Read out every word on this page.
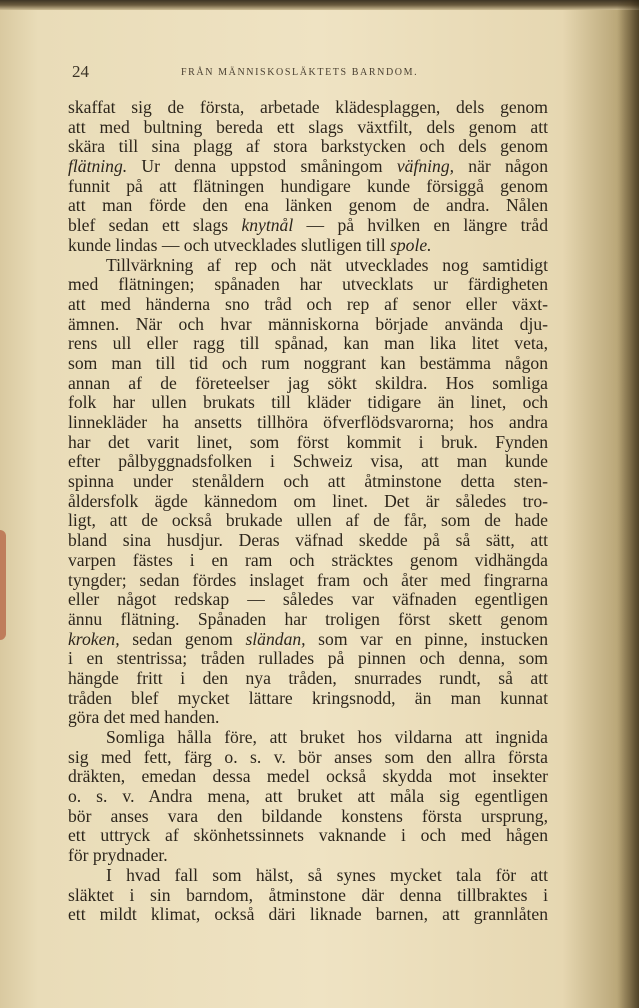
24	FRÅN MÄNNISKOSLÄKTETS BARNDOM.
skaffat sig de första, arbetade klädesplaggen, dels genom
att med bultning bereda ett slags växtfilt, dels genom att
skära till sina plagg af stora barkstycken och dels genom
flätning. Ur denna uppstod småningom väfning, när någon
funnit på att flätningen hundigare kunde försiggå genom
att man förde den ena länken genom de andra. Nålen
blef sedan ett slags knytnål — på hvilken en längre tråd
kunde lindas — och utvecklades slutligen till spole.
Tillvärkning af rep och nät utvecklades nog samtidigt
med flätningen; spånaden har utvecklats ur färdigheten
att med händerna sno tråd och rep af senor eller växt-
ämnen. När och hvar människorna började använda dju-
rens ull eller ragg till spånad, kan man lika litet veta,
som man till tid och rum noggrant kan bestämma någon
annan af de företeelser jag sökt skildra. Hos somliga
folk har ullen brukats till kläder tidigare än linet, och
linnekläder ha ansetts tillhöra öfverflödsvarorna; hos andra
har det varit linet, som först kommit i bruk. Fynden
efter pålbyggnadsfolken i Schweiz visa, att man kunde
spinna under stenåldern och att åtminstone detta sten-
åldersfolk ägde kännedom om linet. Det är således tro-
ligt, att de också brukade ullen af de får, som de hade
bland sina husdjur. Deras väfnad skedde på så sätt, att
varpen fästes i en ram och sträcktes genom vidhängda
tyngder; sedan fördes inslaget fram och åter med fingrarna
eller något redskap — således var väfnaden egentligen
ännu flätning. Spånaden har troligen först skett genom
kroken, sedan genom sländan, som var en pinne, instucken
i en stentrissa; tråden rullades på pinnen och denna, som
hängde fritt i den nya tråden, snurrades rundt, så att
tråden blef mycket lättare kringsnodd, än man kunnat
göra det med handen.
Somliga hålla före, att bruket hos vildarna att ingnida
sig med fett, färg o. s. v. bör anses som den allra första
dräkten, emedan dessa medel också skydda mot insekter
o. s. v. Andra mena, att bruket att måla sig egentligen
bör anses vara den bildande konstens första ursprung,
ett uttryck af skönhetssinnets vaknande i och med hågen
för prydnader.
I hvad fall som hälst, så synes mycket tala för att
släktet i sin barndom, åtminstone där denna tillbraktes i
ett mildt klimat, också däri liknade barnen, att grannlåten
